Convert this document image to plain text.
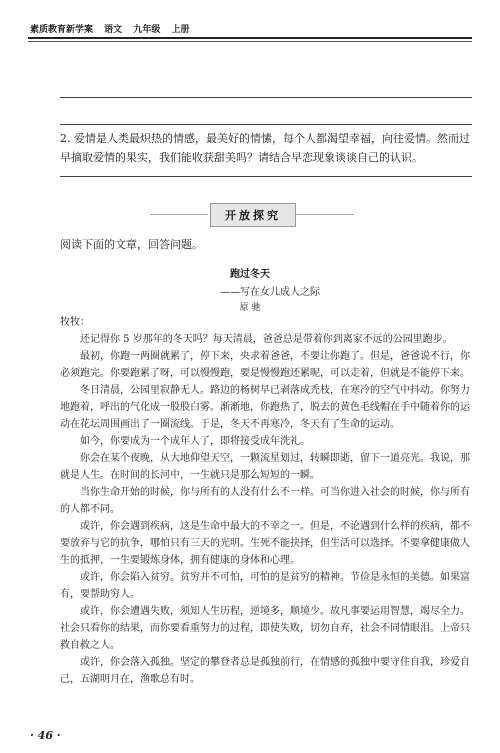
素质教育新学案 语文 九年级 上册
2. 爱情是人类最炽热的情感，最美好的情愫，每个人都渴望幸福，向往爱情。然而过早摘取爱情的果实，我们能收获甜美吗？请结合早恋现象谈谈自己的认识。
开放探究
阅读下面的文章，回答问题。
跑过冬天
——写在女儿成人之际
原 驰

牧牧：

还记得你 5 岁那年的冬天吗？每天清晨，爸爸总是带着你到离家不远的公园里跑步。

最初，你跑一两圈就累了，停下来，央求着爸爸，不要让你跑了。但是，爸爸说不行，你必须跑完。你要跑累了呀，可以慢慢跑，要是慢慢跑还累呢，可以走着，但就是不能停下来。

冬日清晨，公园里寂静无人。路边的杨树早已剥落成秃枝，在寒冷的空气中抖动。你努力地跑着，呼出的气化成一股股白雾。渐渐地，你跑热了，脱去的黄色毛线帽在手中随着你的运动在花坛周围画出了一圈流线。于是，冬天不再寒冷，冬天有了生命的运动。

如今，你要成为一个成年人了，即将接受成年洗礼。

你会在某个夜晚，从大地仰望天空，一颗流星划过，转瞬即逝，留下一道亮光。我说，那就是人生。在时间的长河中，一生就只是那么短短的一瞬。

当你生命开始的时候，你与所有的人没有什么不一样。可当你进入社会的时候，你与所有的人都不同。

或许，你会遇到疾病，这是生命中最大的不幸之一。但是，不论遇到什么样的疾病，都不要放弃与它的抗争，哪怕只有三天的光明。生死不能抉择，但生活可以选择。不要拿健康做人生的抵押，一生要锻炼身体，拥有健康的身体和心理。

或许，你会陷入贫穷。贫穷并不可怕，可怕的是贫穷的精神。节俭是永恒的美德。如果富有，要帮助穷人。

或许，你会遭遇失败，须知人生历程，逆境多，顺境少。故凡事要运用智慧，竭尽全力。社会只看你的结果，而你要看重努力的过程，即使失败，切勿自弃，社会不同情眼泪。上帝只救自救之人。

或许，你会落入孤独。坚定的攀登者总是孤独前行，在情感的孤独中要守住自我，珍爱自己，五湖明月在，渔歌总有时。

· 46 ·
